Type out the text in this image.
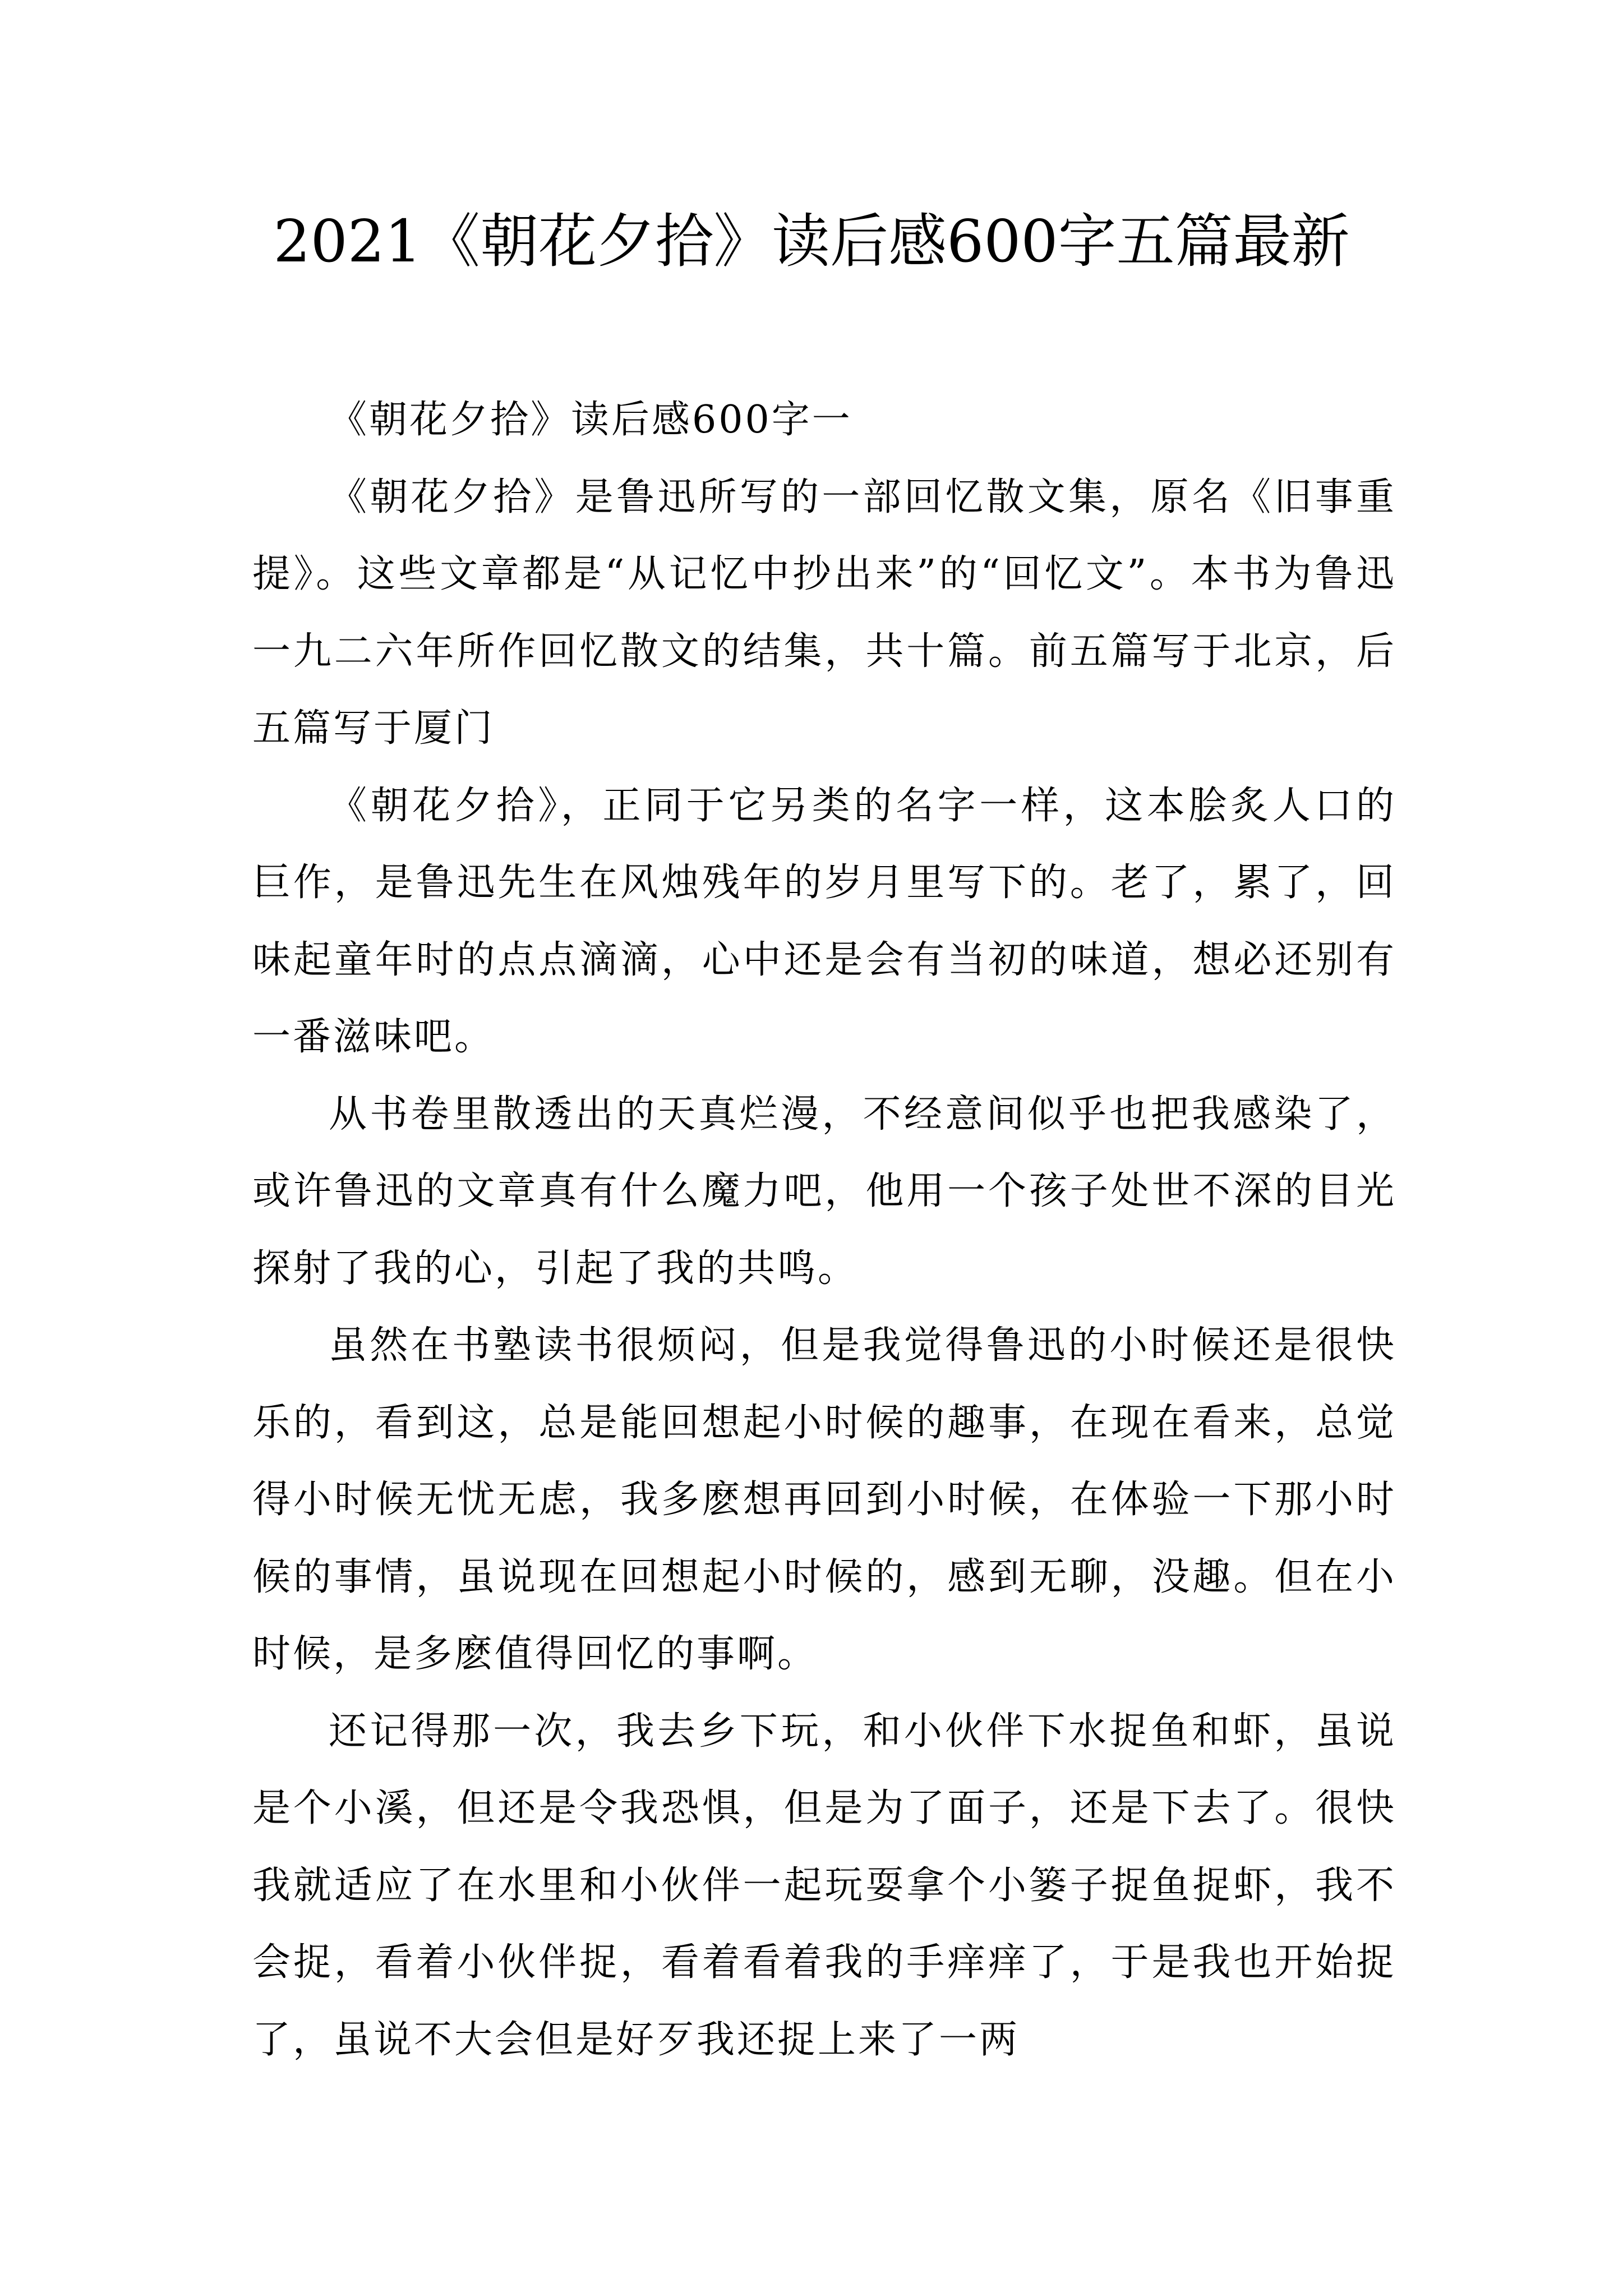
2021《朝花夕拾》读后感600字五篇最新

《朝花夕拾》读后感600字一

《朝花夕拾》是鲁迅所写的一部回忆散文集，原名《旧事重提》。这些文章都是“从记忆中抄出来”的“回忆文”。本书为鲁迅一九二六年所作回忆散文的结集，共十篇。前五篇写于北京，后五篇写于厦门

《朝花夕拾》，正同于它另类的名字一样，这本脍炙人口的巨作，是鲁迅先生在风烛残年的岁月里写下的。老了，累了，回味起童年时的点点滴滴，心中还是会有当初的味道，想必还别有一番滋味吧。

从书卷里散透出的天真烂漫，不经意间似乎也把我感染了，或许鲁迅的文章真有什么魔力吧，他用一个孩子处世不深的目光探射了我的心，引起了我的共鸣。

虽然在书塾读书很烦闷，但是我觉得鲁迅的小时候还是很快乐的，看到这，总是能回想起小时候的趣事，在现在看来，总觉得小时候无忧无虑，我多麽想再回到小时候，在体验一下那小时候的事情，虽说现在回想起小时候的，感到无聊，没趣。但在小时候，是多麽值得回忆的事啊。

还记得那一次，我去乡下玩，和小伙伴下水捉鱼和虾，虽说是个小溪，但还是令我恐惧，但是为了面子，还是下去了。很快我就适应了在水里和小伙伴一起玩耍拿个小篓子捉鱼捉虾，我不会捉，看着小伙伴捉，看着看着我的手痒痒了，于是我也开始捉了，虽说不大会但是好歹我还捉上来了一两
